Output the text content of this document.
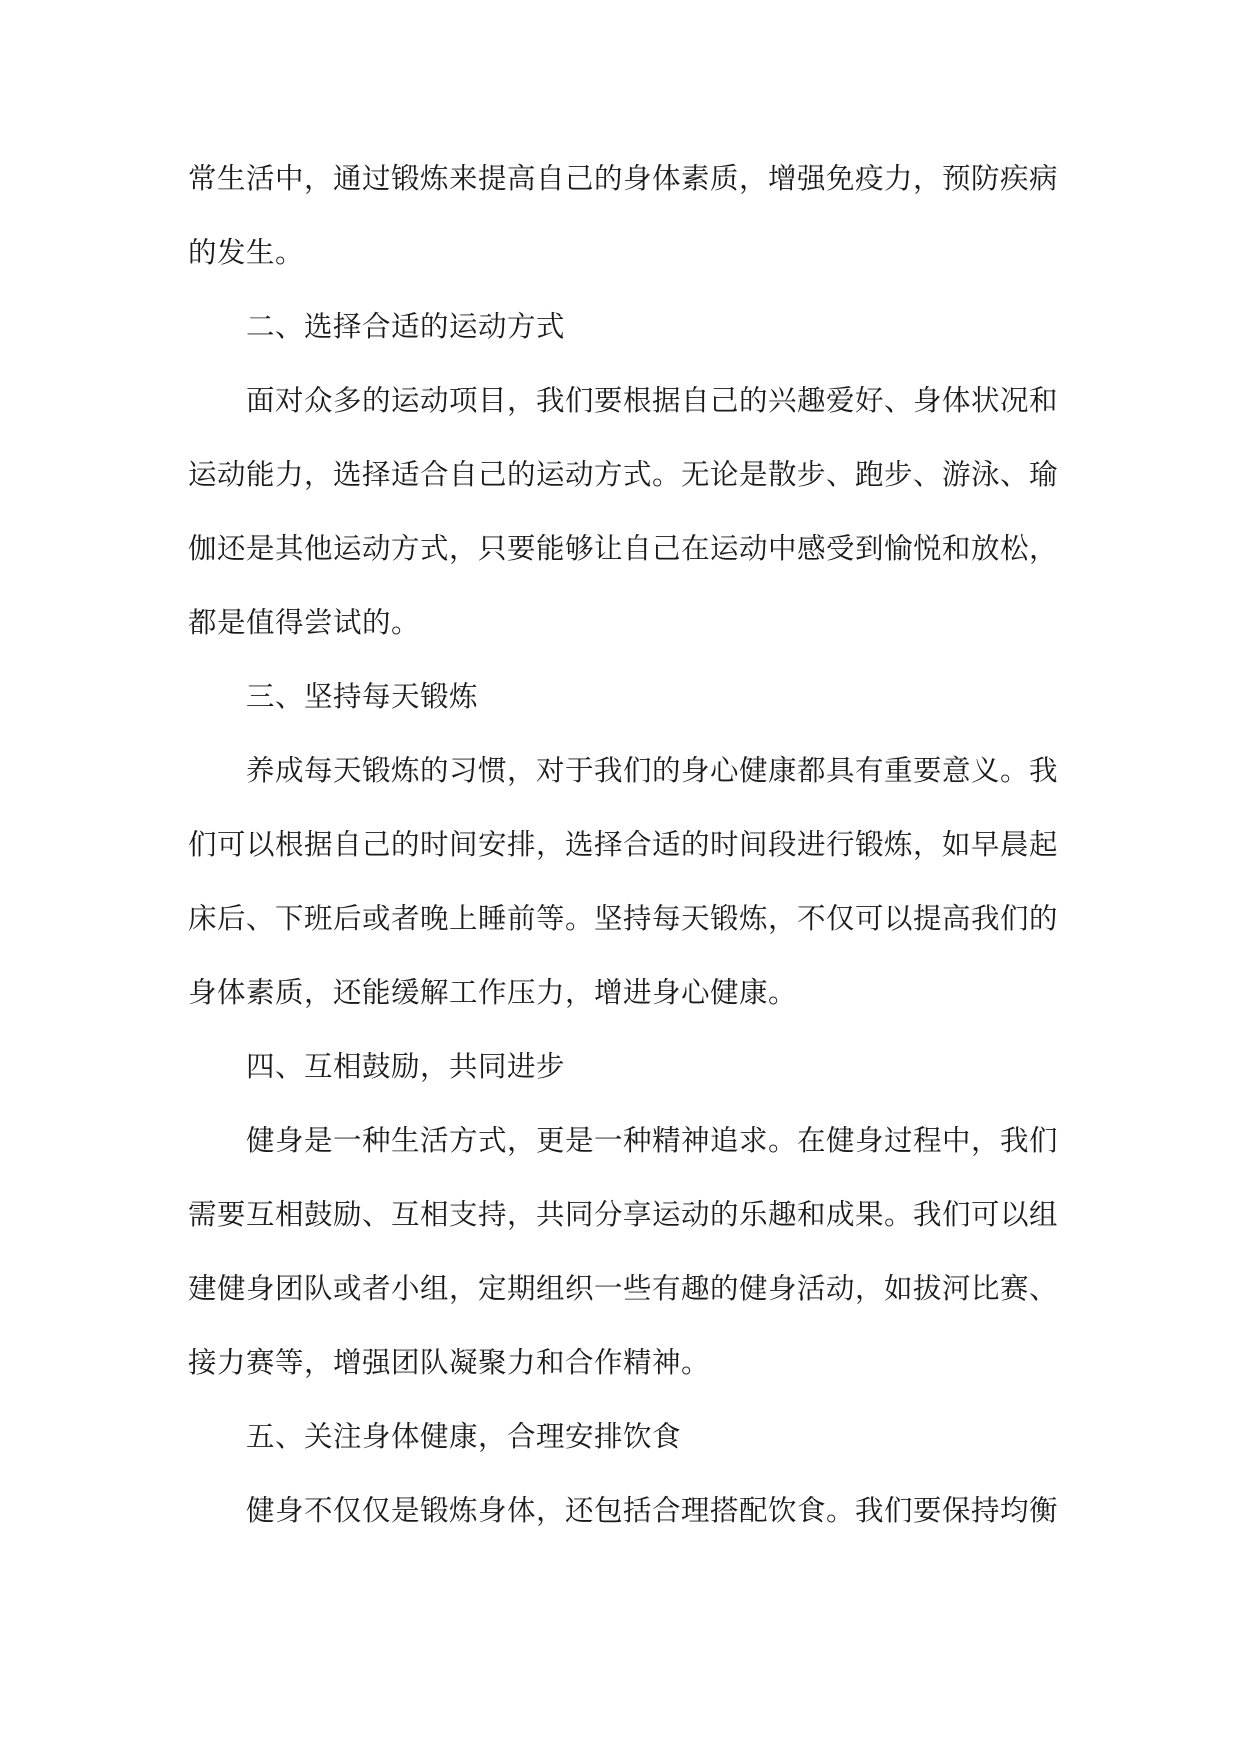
常生活中，通过锻炼来提高自己的身体素质，增强免疫力，预防疾病
的发生。
二、选择合适的运动方式
面对众多的运动项目，我们要根据自己的兴趣爱好、身体状况和
运动能力，选择适合自己的运动方式。无论是散步、跑步、游泳、瑜
伽还是其他运动方式，只要能够让自己在运动中感受到愉悦和放松，
都是值得尝试的。
三、坚持每天锻炼
养成每天锻炼的习惯，对于我们的身心健康都具有重要意义。我
们可以根据自己的时间安排，选择合适的时间段进行锻炼，如早晨起
床后、下班后或者晚上睡前等。坚持每天锻炼，不仅可以提高我们的
身体素质，还能缓解工作压力，增进身心健康。
四、互相鼓励，共同进步
健身是一种生活方式，更是一种精神追求。在健身过程中，我们
需要互相鼓励、互相支持，共同分享运动的乐趣和成果。我们可以组
建健身团队或者小组，定期组织一些有趣的健身活动，如拔河比赛、
接力赛等，增强团队凝聚力和合作精神。
五、关注身体健康，合理安排饮食
健身不仅仅是锻炼身体，还包括合理搭配饮食。我们要保持均衡
